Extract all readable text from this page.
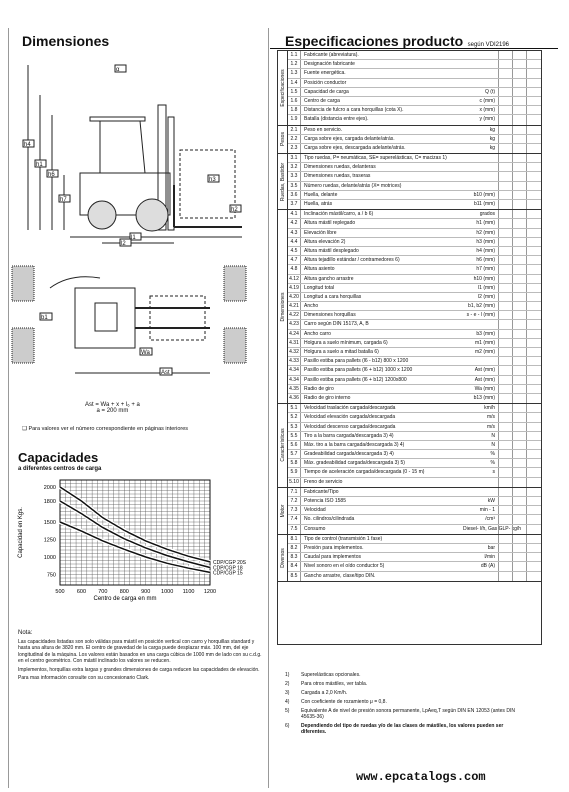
Dimensiones
h4
h1
h6
h7
h3
h2
l1
l2
α
b1
Wa
Ast
Ast = Wa + x + l₆ + a
a = 200 mm
❑ Para valores ver el número correspondiente en páginas interiores
Capacidades
a diferentes centros de carga
CDP/CGP 20S
CDP/CGP 18
CDP/CGP 15
750
1000
1250
1500
1800
2000
500 600 700 800 900 1000 1100 1200
Centro de carga en mm
Capacidad en Kgs.

Nota:

Las capacidades listadas son solo válidas para mástil en posición vertical con carro y horquillas standard y hasta una altura de 3820 mm. El centro de gravedad de la carga puede desplazar máx. 100 mm, del eje longitudinal de la máquina. Los valores están basados en una carga cúbica de 1000 mm de lado con su c.d.g. en el centro geométrico. Con mástil inclinado los valores se reducen.

Implementos, horquillas extra largas y grandes dimensiones de carga reducen las capacidades de elevación.

Para mas información consulte con su concesionario Clark.

Especificaciones producto según VDI2196
Especificaciones
1.1	Fabricante (abreviatura).
1.2	Designación fabricante
1.3	Fuente energética.
1.4	Posición conductor
1.5	Capacidad de carga	Q (t)
1.6	Centro de carga	c (mm)
1.8	Distancia de fulcro a cara horquillas (cota X).	x (mm)
1.9	Batalla (distancia entre ejes).	y (mm)
Pesos
2.1	Peso en servicio.	kg
2.2	Carga sobre ejes, cargada delante/atrás.	kg
2.3	Carga sobre ejes, descargada adelante/atrás.	kg
Ruedas, Bastidor
3.1	Tipo ruedas, P= neumáticas, SE= superelásticas, C= macizas 1)
3.2	Dimensiones ruedas, delanteras
3.3	Dimensiones ruedas, traseras
3.5	Número ruedas, delante/atrás (X= motrices)
3.6	Huella, delante	b10 (mm)
3.7	Huella, atrás	b11 (mm)
Dimensiones
4.1	Inclinación mástil/carro, a / b 6)	grados
4.2	Altura mástil replegado	h1 (mm)
4.3	Elevación libre	h2 (mm)
4.4	Altura elevación 2)	h3 (mm)
4.5	Altura mástil desplegado	h4 (mm)
4.7	Altura tejadillo estándar / contramedores 6)	h6 (mm)
4.8	Altura asiento	h7 (mm)
4.12	Altura gancho arrastre	h10 (mm)
4.19	Longitud total	l1 (mm)
4.20	Longitud a cara horquillas	l2 (mm)
4.21	Ancho	b1, b2 (mm)
4.22	Dimensiones horquillas	s - e - l (mm)
4.23	Carro según DIN 15173, A, B
4.24	Ancho carro	b3 (mm)
4.31	Holgura a suelo mínimum, cargada 6)	m1 (mm)
4.32	Holgura a suelo a mitad batalla 6)	m2 (mm)
4.33	Pasillo estiba para pallets (l6 - b12) 800 x 1200
4.34	Pasillo estiba para pallets (l6 + b12) 1000 x 1200	Ast (mm)
4.34	Pasillo estiba para pallets (l6 + b12) 1200x800	Ast (mm)
4.35	Radio de giro	Wa (mm)
4.36	Radio de giro interno	b13 (mm)
Características
5.1	Velocidad traslación cargada/descargada	km/h
5.2	Velocidad elevación cargada/descargada	m/s
5.3	Velocidad descenso cargada/descargada	m/s
5.5	Tiro a la barra cargada/descargada 3) 4)	N
5.6	Máx. tiro a la barra cargada/descargada 3) 4)	N
5.7	Gradeabilidad cargada/descargada 3) 4)	%
5.8	Máx. gradeabilidad cargada/descargada 3) 5)	%
5.9	Tiempo de aceleración cargada/descargada (0 - 15 m)	s
5.10	Freno de servicio
Motor
7.1	Fabricante/Tipo
7.2	Potencia ISO 1585	kW
7.3	Velocidad	min - 1
7.4	No. cilindros/cilindrada	/cm³
7.5	Consumo	Diesel- l/h, Gas GLP- kg/h
Diversos
8.1	Tipo de control (transmisión 1 fase)
8.2	Presión para implementos.	bar
8.3	Caudal para implementos	l/min
8.4	Nivel sonoro en el oído conductor 5)	dB (A)
8.5	Gancho arrastre, clase/tipo DIN.
1)	Superelásticas opcionales.
2)	Para otros mástiles, ver tabla.
3)	Cargada a 2,0 Km/h.
4)	Con coeficiente de rozamiento μ = 0,8.
5)	Equivalente A de nivel de presión sonora permanente, LpAeq,T según DIN EN 12053 (antes DIN 45635-36)
6)	Dependiendo del tipo de ruedas y/o de las clases de mástiles, los valores pueden ser diferentes.
www.epcatalogs.com
